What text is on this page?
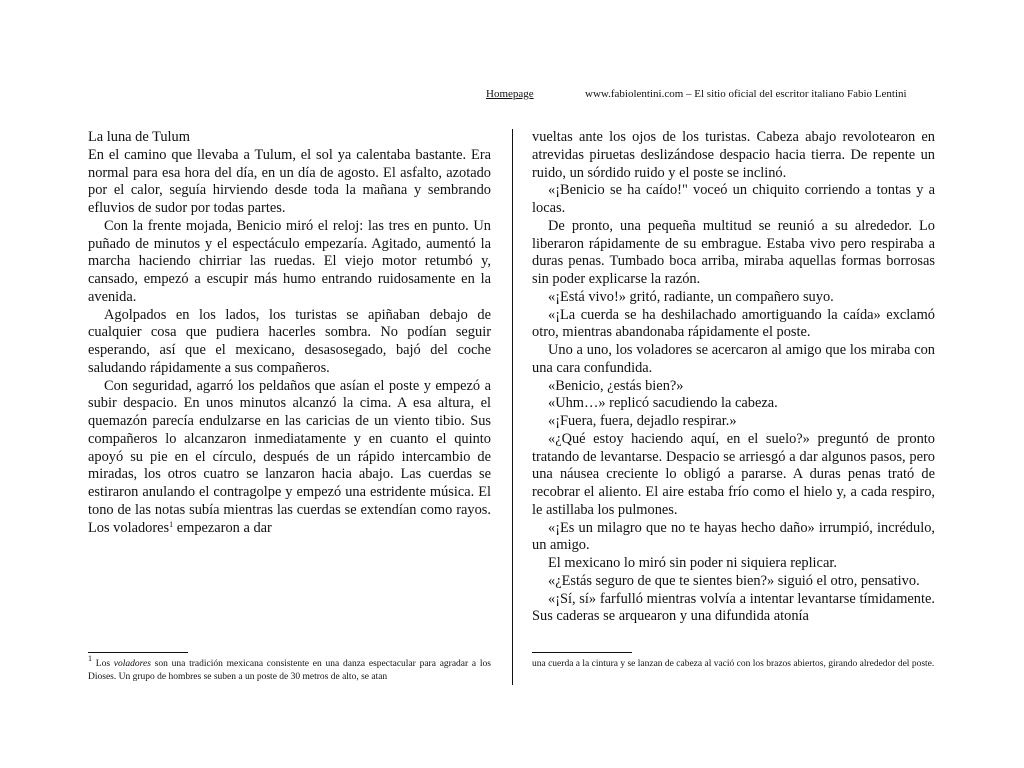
Homepage	www.fabiolentini.com – El sitio oficial del escritor italiano Fabio Lentini

La luna de Tulum

En el camino que llevaba a Tulum, el sol ya calentaba bastante. Era normal para esa hora del día, en un día de agosto. El asfalto, azotado por el calor, seguía hirviendo desde toda la mañana y sembrando efluvios de sudor por todas partes.

Con la frente mojada, Benicio miró el reloj: las tres en punto. Un puñado de minutos y el espectáculo empezaría. Agitado, aumentó la marcha haciendo chirriar las ruedas. El viejo motor retumbó y, cansado, empezó a escupir más humo entrando ruidosamente en la avenida.

Agolpados en los lados, los turistas se apiñaban debajo de cualquier cosa que pudiera hacerles sombra. No podían seguir esperando, así que el mexicano, desasosegado, bajó del coche saludando rápidamente a sus compañeros.

Con seguridad, agarró los peldaños que asían el poste y empezó a subir despacio. En unos minutos alcanzó la cima. A esa altura, el quemazón parecía endulzarse en las caricias de un viento tibio. Sus compañeros lo alcanzaron inmediatamente y en cuanto el quinto apoyó su pie en el círculo, después de un rápido intercambio de miradas, los otros cuatro se lanzaron hacia abajo. Las cuerdas se estiraron anulando el contragolpe y empezó una estridente música. El tono de las notas subía mientras las cuerdas se extendían como rayos. Los voladores$^1$ empezaron a dar

vueltas ante los ojos de los turistas. Cabeza abajo revolotearon en atrevidas piruetas deslizándose despacio hacia tierra. De repente un ruido, un sórdido ruido y el poste se inclinó.

«¡Benicio se ha caído!" voceó un chiquito corriendo a tontas y a locas.

De pronto, una pequeña multitud se reunió a su alrededor. Lo liberaron rápidamente de su embrague. Estaba vivo pero respiraba a duras penas. Tumbado boca arriba, miraba aquellas formas borrosas sin poder explicarse la razón.

«¡Está vivo!» gritó, radiante, un compañero suyo.

«¡La cuerda se ha deshilachado amortiguando la caída» exclamó otro, mientras abandonaba rápidamente el poste.

Uno a uno, los voladores se acercaron al amigo que los miraba con una cara confundida.

«Benicio, ¿estás bien?»

«Uhm…» replicó sacudiendo la cabeza.

«¡Fuera, fuera, dejadlo respirar.»

«¿Qué estoy haciendo aquí, en el suelo?» preguntó de pronto tratando de levantarse. Despacio se arriesgó a dar algunos pasos, pero una náusea creciente lo obligó a pararse. A duras penas trató de recobrar el aliento. El aire estaba frío como el hielo y, a cada respiro, le astillaba los pulmones.

«¡Es un milagro que no te hayas hecho daño» irrumpió, incrédulo, un amigo.

El mexicano lo miró sin poder ni siquiera replicar.

«¿Estás seguro de que te sientes bien?» siguió el otro, pensativo.

«¡Sí, sí» farfulló mientras volvía a intentar levantarse tímidamente. Sus caderas se arquearon y una difundida atonía

$^1$ Los voladores son una tradición mexicana consistente en una danza espectacular para agradar a los Dioses. Un grupo de hombres se suben a un poste de 30 metros de alto, se atan
una cuerda a la cintura y se lanzan de cabeza al vació con los brazos abiertos, girando alrededor del poste.
